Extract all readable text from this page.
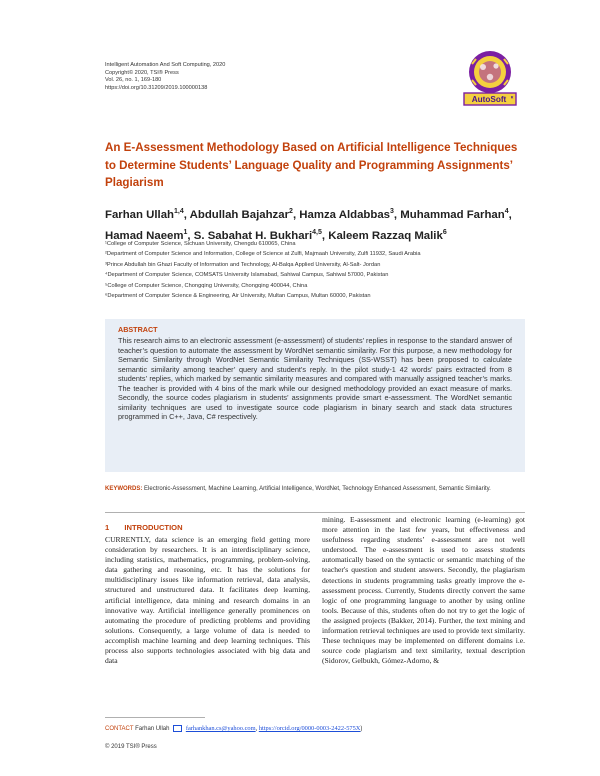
Intelligent Automation And Soft Computing, 2020
Copyright© 2020, TSI® Press
Vol. 26, no. 1, 169-180
https://doi.org/10.31209/2019.100000138
AutoSoft R
An E-Assessment Methodology Based on Artificial Intelligence Techniques to Determine Students’ Language Quality and Programming Assignments’ Plagiarism
Farhan Ullah$^{1,4}$, Abdullah Bajahzar$^2$, Hamza Aldabbas$^3$, Muhammad Farhan$^4$, Hamad Naeem$^1$, S. Sabahat H. Bukhari$^{4,5}$, Kaleem Razzaq Malik$^6$
¹College of Computer Science, Sichuan University, Chengdu 610065, China
²Department of Computer Science and Information, College of Science at Zulfi, Majmaah University, Zulfi 11932, Saudi Arabia
³Prince Abdullah bin Ghazi Faculty of Information and Technology, Al-Balqa Applied University, Al-Salt- Jordan
⁴Department of Computer Science, COMSATS University Islamabad, Sahiwal Campus, Sahiwal 57000, Pakistan
⁵College of Computer Science, Chongqing University, Chongqing 400044, China
⁶Department of Computer Science & Engineering, Air University, Multan Campus, Multan 60000, Pakistan
ABSTRACT
This research aims to an electronic assessment (e-assessment) of students’ replies in response to the standard answer of teacher’s question to automate the assessment by WordNet semantic similarity. For this purpose, a new methodology for Semantic Similarity through WordNet Semantic Similarity Techniques (SS-WSST) has been proposed to calculate semantic similarity among teacher’ query and student’s reply. In the pilot study-1 42 words’ pairs extracted from 8 students’ replies, which marked by semantic similarity measures and compared with manually assigned teacher’s marks. The teacher is provided with 4 bins of the mark while our designed methodology provided an exact measure of marks. Secondly, the source codes plagiarism in students’ assignments provide smart e-assessment. The WordNet semantic similarity techniques are used to investigate source code plagiarism in binary search and stack data structures programmed in C++, Java, C# respectively.
KEYWORDS: Electronic-Assessment, Machine Learning, Artificial Intelligence, WordNet, Technology Enhanced Assessment, Semantic Similarity.
1 INTRODUCTION
CURRENTLY, data science is an emerging field getting more consideration by researchers. It is an interdisciplinary science, including statistics, mathematics, programming, problem-solving, data gathering and reasoning, etc. It has the solutions for multidisciplinary issues like information retrieval, data analysis, structured and unstructured data. It facilitates deep learning, artificial intelligence, data mining and research domains in an innovative way. Artificial intelligence generally prominences on automating the procedure of predicting problems and providing solutions. Consequently, a large volume of data is needed to accomplish machine learning and deep learning techniques. This process also supports technologies associated with big data and data
mining. E-assessment and electronic learning (e-learning) got more attention in the last few years, but effectiveness and usefulness regarding students’ e-assessment are not well understood. The e-assessment is used to assess students automatically based on the syntactic or semantic matching of the teacher's question and student answers. Secondly, the plagiarism detections in students programming tasks greatly improve the e-assessment process. Currently, Students directly convert the same logic of one programming language to another by using online tools. Because of this, students often do not try to get the logic of the assigned projects (Bakker, 2014). Further, the text mining and information retrieval techniques are used to provide text similarity. These techniques may be implemented on different domains i.e. source code plagiarism and text similarity, textual description (Sidorov, Gelbukh, Gómez-Adorno, &
CONTACT Farhan Ullah	farhankhan.cs@yahoo.com, https://orcid.org/0000-0003-2422-575X)
© 2019 TSI® Press
